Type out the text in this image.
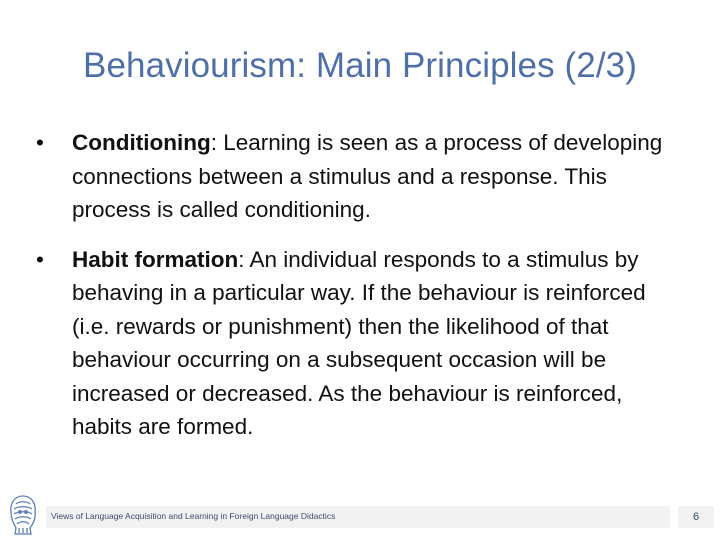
Behaviourism: Main Principles (2/3)

•	Conditioning: Learning is seen as a process of developing connections between a stimulus and a response. This process is called conditioning.

•	Habit formation: An individual responds to a stimulus by behaving in a particular way. If the behaviour is reinforced (i.e. rewards or punishment) then the likelihood of that behaviour occurring on a subsequent occasion will be increased or decreased. As the behaviour is reinforced, habits are formed.

Views of Language Acquisition and Learning in Foreign Language Didactics	6
